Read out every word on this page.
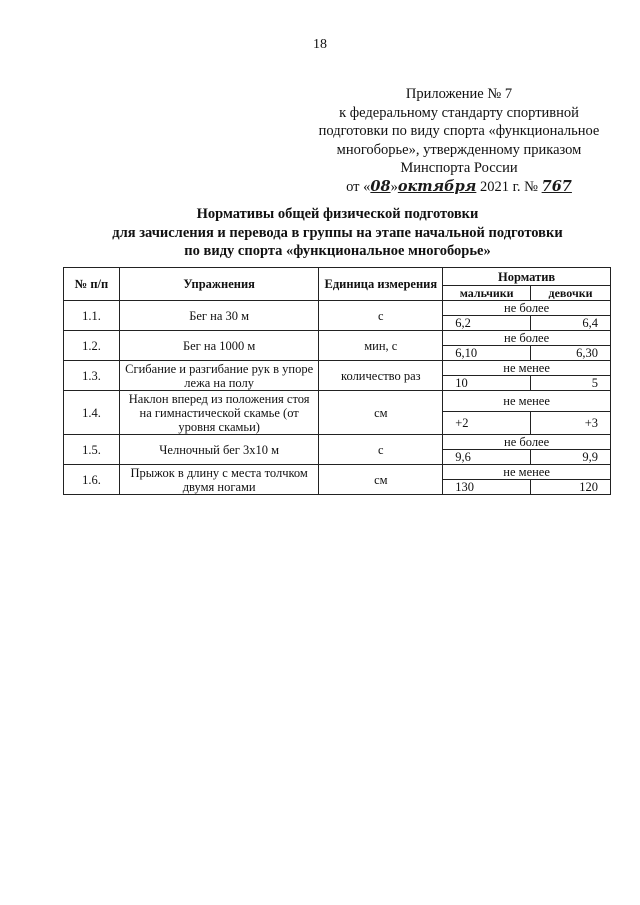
18
Приложение № 7
к федеральному стандарту спортивной
подготовки по виду спорта «функциональное
многоборье», утвержденному приказом
Минспорта России
от «08»октября 2021 г. № 767
Нормативы общей физической подготовки
для зачисления и перевода в группы на этапе начальной подготовки
по виду спорта «функциональное многоборье»
№ п/п	Упражнения	Единица измерения	Норматив	
			мальчики	девочки
1.1.	Бег на 30 м	с	не более	
			6,2	6,4
1.2.	Бег на 1000 м	мин, с	не более	
			6,10	6,30
1.3.	Сгибание и разгибание рук в упоре лежа на полу	количество раз	не менее	
			10	5
1.4.	Наклон вперед из положения стоя на гимнастической скамье (от уровня скамьи)	см	не менее	
			+2	+3
1.5.	Челночный бег 3х10 м	с	не более	
			9,6	9,9
1.6.	Прыжок в длину с места толчком двумя ногами	см	не менее	
			130	120
